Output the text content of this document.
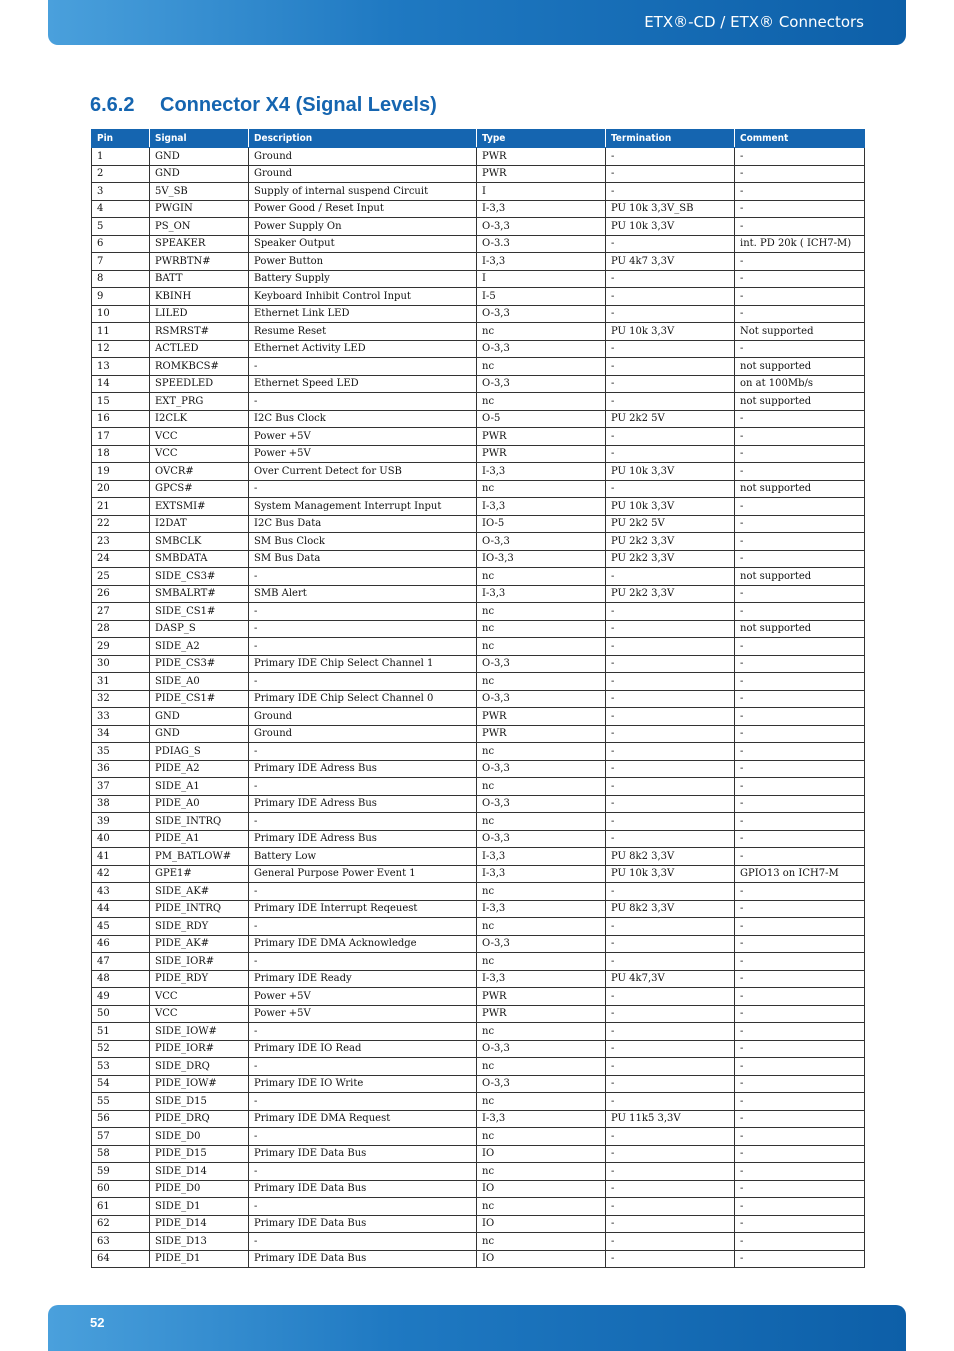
ETX®-CD / ETX® Connectors
6.6.2 Connector X4 (Signal Levels)
Pin	Signal	Description	Type	Termination	Comment
1	GND	Ground	PWR	-	-
2	GND	Ground	PWR	-	-
3	5V_SB	Supply of internal suspend Circuit	I	-	-
4	PWGIN	Power Good / Reset Input	I-3,3	PU 10k 3,3V_SB	-
5	PS_ON	Power Supply On	O-3,3	PU 10k 3,3V	-
6	SPEAKER	Speaker Output	O-3.3	-	int. PD 20k ( ICH7-M)
7	PWRBTN#	Power Button	I-3,3	PU 4k7 3,3V	-
8	BATT	Battery Supply	I	-	-
9	KBINH	Keyboard Inhibit Control Input	I-5	-	-
10	LILED	Ethernet Link LED	O-3,3	-	-
11	RSMRST#	Resume Reset	nc	PU 10k 3,3V	Not supported
12	ACTLED	Ethernet Activity LED	O-3,3	-	-
13	ROMKBCS#	-	nc	-	not supported
14	SPEEDLED	Ethernet Speed LED	O-3,3	-	on at 100Mb/s
15	EXT_PRG	-	nc	-	not supported
16	I2CLK	I2C Bus Clock	O-5	PU 2k2 5V	-
17	VCC	Power +5V	PWR	-	-
18	VCC	Power +5V	PWR	-	-
19	OVCR#	Over Current Detect for USB	I-3,3	PU 10k 3,3V	-
20	GPCS#	-	nc	-	not supported
21	EXTSMI#	System Management Interrupt Input	I-3,3	PU 10k 3,3V	-
22	I2DAT	I2C Bus Data	IO-5	PU 2k2 5V	-
23	SMBCLK	SM Bus Clock	O-3,3	PU 2k2 3,3V	-
24	SMBDATA	SM Bus Data	IO-3,3	PU 2k2 3,3V	-
25	SIDE_CS3#	-	nc	-	not supported
26	SMBALRT#	SMB Alert	I-3,3	PU 2k2 3,3V	-
27	SIDE_CS1#	-	nc	-	-
28	DASP_S	-	nc	-	not supported
29	SIDE_A2	-	nc	-	-
30	PIDE_CS3#	Primary IDE Chip Select Channel 1	O-3,3	-	-
31	SIDE_A0	-	nc	-	-
32	PIDE_CS1#	Primary IDE Chip Select Channel 0	O-3,3	-	-
33	GND	Ground	PWR	-	-
34	GND	Ground	PWR	-	-
35	PDIAG_S	-	nc	-	-
36	PIDE_A2	Primary IDE Adress Bus	O-3,3	-	-
37	SIDE_A1	-	nc	-	-
38	PIDE_A0	Primary IDE Adress Bus	O-3,3	-	-
39	SIDE_INTRQ	-	nc	-	-
40	PIDE_A1	Primary IDE Adress Bus	O-3,3	-	-
41	PM_BATLOW#	Battery Low	I-3,3	PU 8k2 3,3V	-
42	GPE1#	General Purpose Power Event 1	I-3,3	PU 10k 3,3V	GPIO13 on ICH7-M
43	SIDE_AK#	-	nc	-	-
44	PIDE_INTRQ	Primary IDE Interrupt Reqeuest	I-3,3	PU 8k2 3,3V	-
45	SIDE_RDY	-	nc	-	-
46	PIDE_AK#	Primary IDE DMA Acknowledge	O-3,3	-	-
47	SIDE_IOR#	-	nc	-	-
48	PIDE_RDY	Primary IDE Ready	I-3,3	PU 4k7,3V	-
49	VCC	Power +5V	PWR	-	-
50	VCC	Power +5V	PWR	-	-
51	SIDE_IOW#	-	nc	-	-
52	PIDE_IOR#	Primary IDE IO Read	O-3,3	-	-
53	SIDE_DRQ	-	nc	-	-
54	PIDE_IOW#	Primary IDE IO Write	O-3,3	-	-
55	SIDE_D15	-	nc	-	-
56	PIDE_DRQ	Primary IDE DMA Request	I-3,3	PU 11k5 3,3V	-
57	SIDE_D0	-	nc	-	-
58	PIDE_D15	Primary IDE Data Bus	IO	-	-
59	SIDE_D14	-	nc	-	-
60	PIDE_D0	Primary IDE Data Bus	IO	-	-
61	SIDE_D1	-	nc	-	-
62	PIDE_D14	Primary IDE Data Bus	IO	-	-
63	SIDE_D13	-	nc	-	-
64	PIDE_D1	Primary IDE Data Bus	IO	-	-
52
